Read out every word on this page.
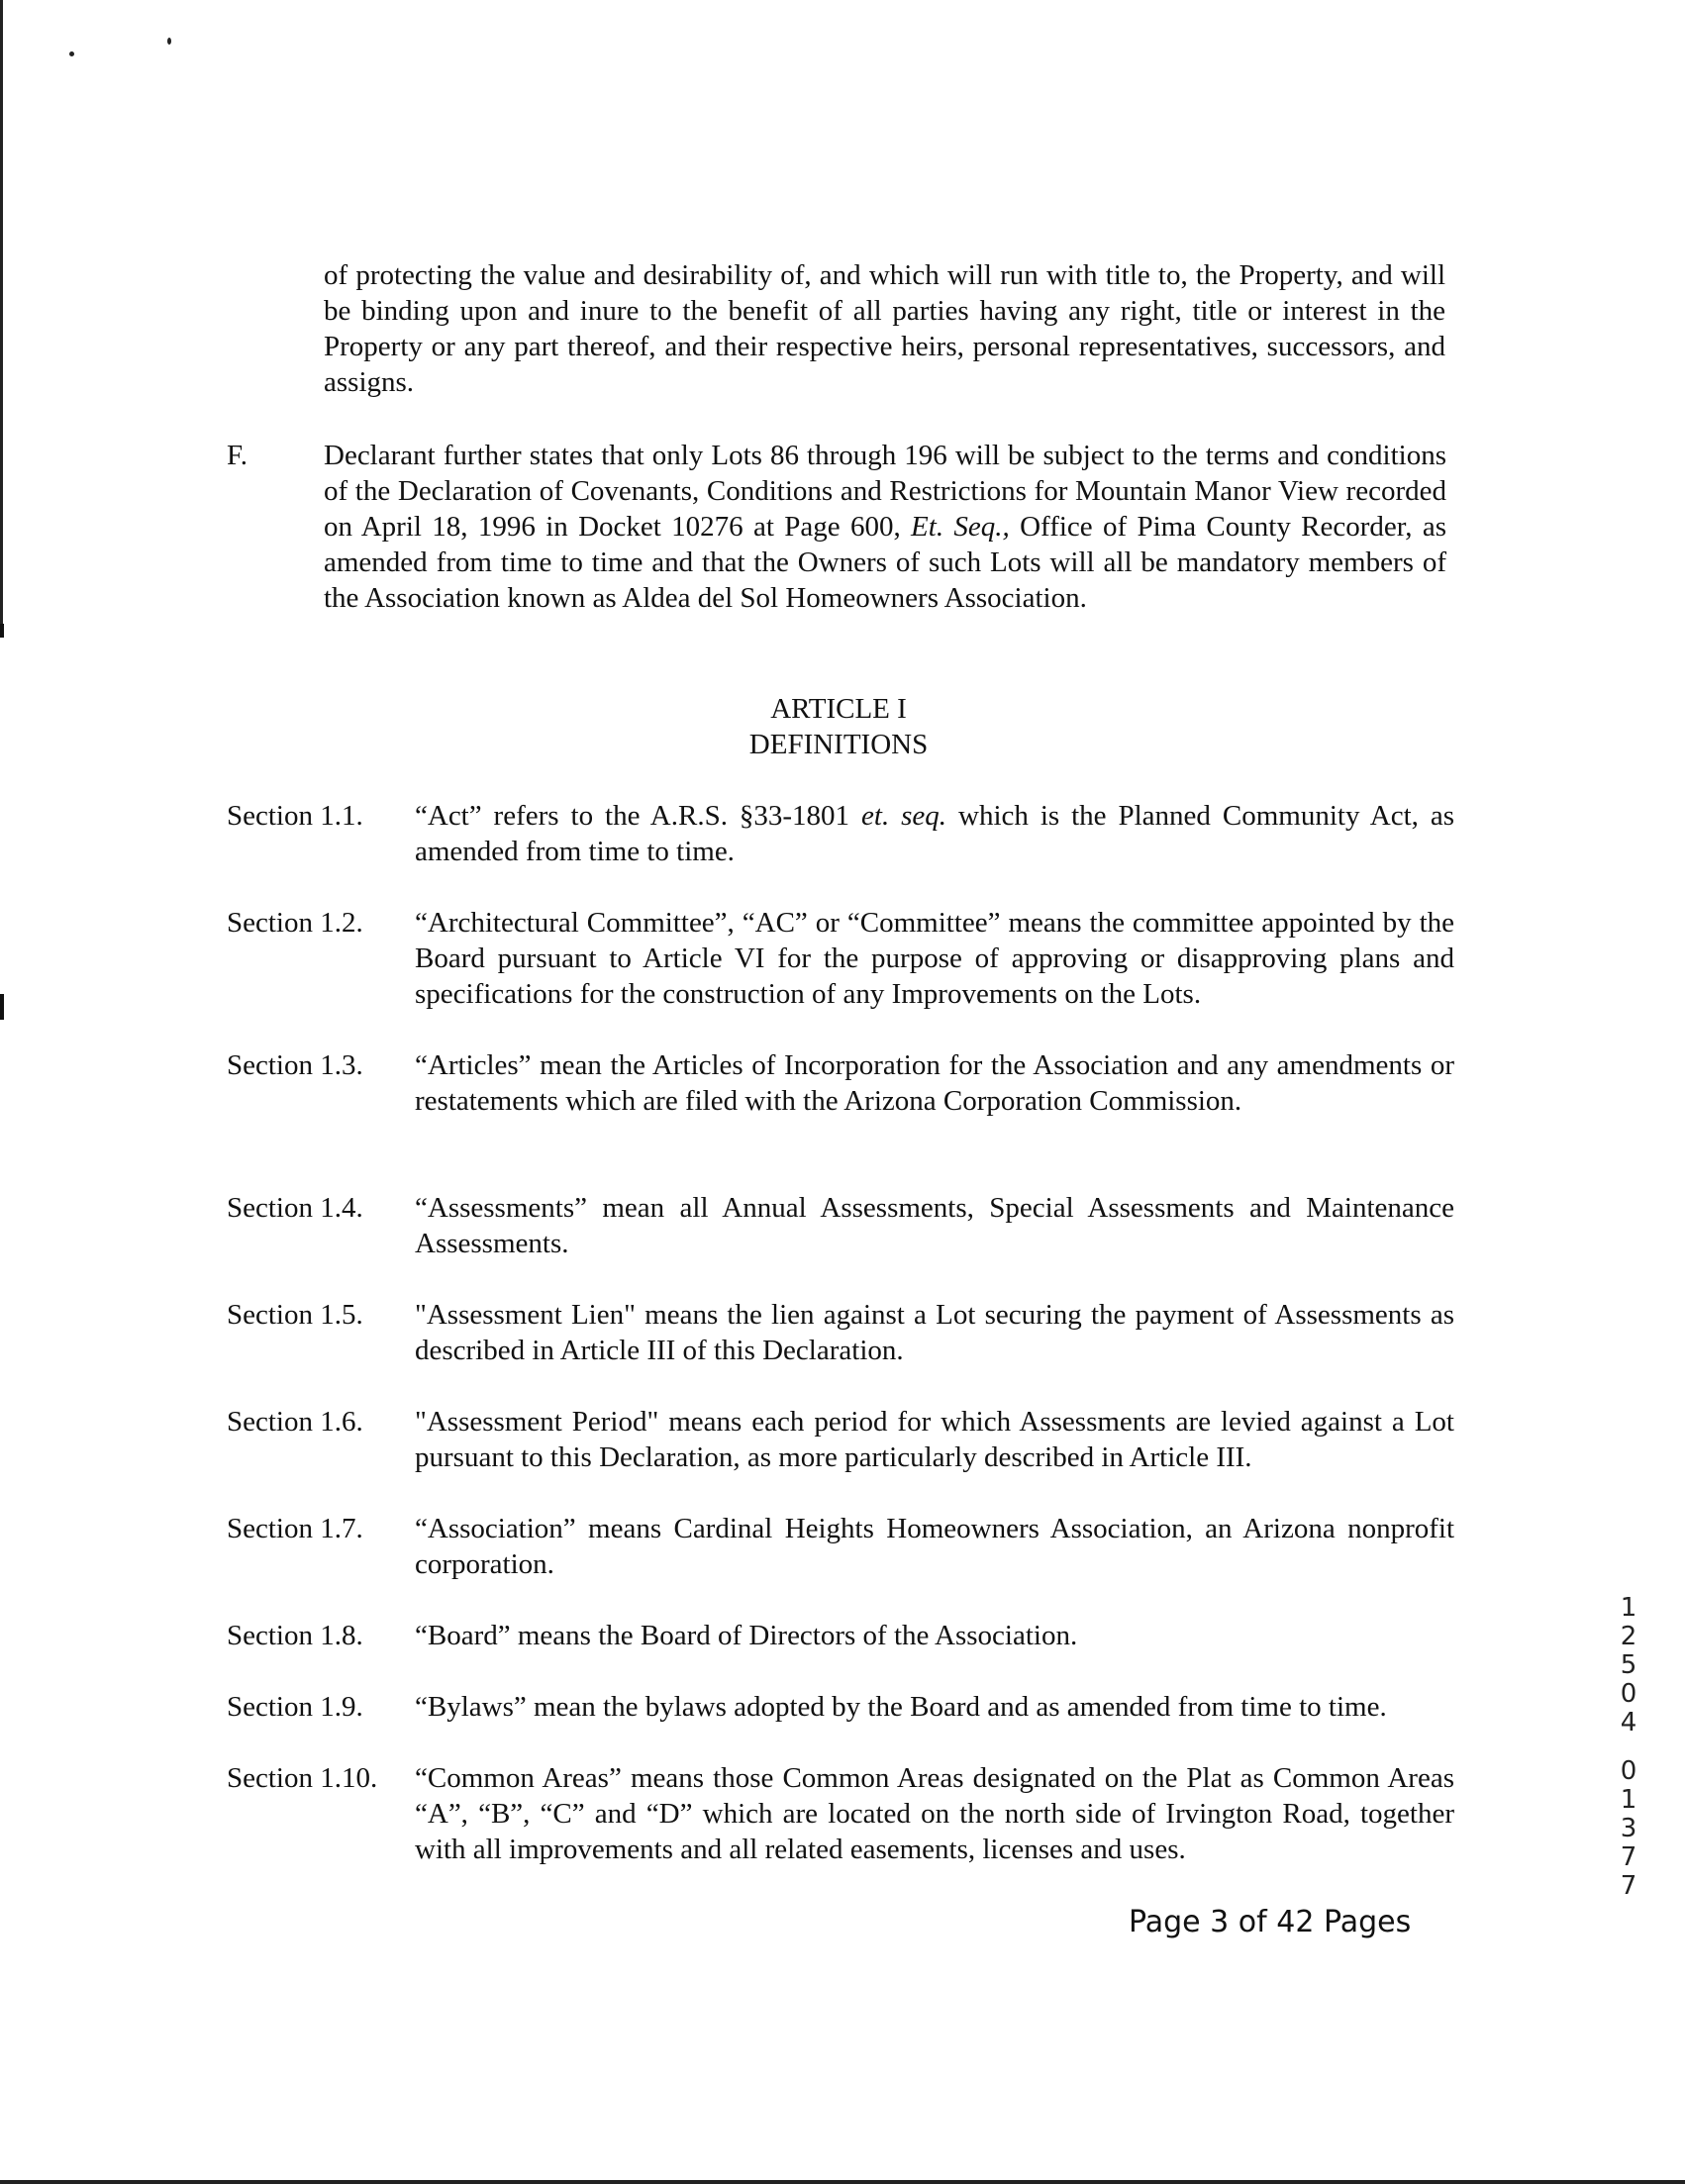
of protecting the value and desirability of, and which will run with title to, the Property, and will be binding upon and inure to the benefit of all parties having any right, title or interest in the Property or any part thereof, and their respective heirs, personal representatives, successors, and assigns.
F.	Declarant further states that only Lots 86 through 196 will be subject to the terms and conditions of the Declaration of Covenants, Conditions and Restrictions for Mountain Manor View recorded on April 18, 1996 in Docket 10276 at Page 600, Et. Seq., Office of Pima County Recorder, as amended from time to time and that the Owners of such Lots will all be mandatory members of the Association known as Aldea del Sol Homeowners Association.
ARTICLE I
DEFINITIONS
Section 1.1. “Act” refers to the A.R.S. §33-1801 et. seq. which is the Planned Community Act, as amended from time to time.
Section 1.2. “Architectural Committee”, “AC” or “Committee” means the committee appointed by the Board pursuant to Article VI for the purpose of approving or disapproving plans and specifications for the construction of any Improvements on the Lots.
Section 1.3. “Articles” mean the Articles of Incorporation for the Association and any amendments or restatements which are filed with the Arizona Corporation Commission.
Section 1.4. “Assessments” mean all Annual Assessments, Special Assessments and Maintenance Assessments.
Section 1.5. "Assessment Lien" means the lien against a Lot securing the payment of Assessments as described in Article III of this Declaration.
Section 1.6. "Assessment Period" means each period for which Assessments are levied against a Lot pursuant to this Declaration, as more particularly described in Article III.
Section 1.7. “Association” means Cardinal Heights Homeowners Association, an Arizona nonprofit corporation.
Section 1.8. “Board” means the Board of Directors of the Association.
Section 1.9. “Bylaws” mean the bylaws adopted by the Board and as amended from time to time.
Section 1.10. “Common Areas” means those Common Areas designated on the Plat as Common Areas “A”, “B”, “C” and “D” which are located on the north side of Irvington Road, together with all improvements and all related easements, licenses and uses.
Page 3 of 42 Pages
1
2
5
0
4
0
1
3
7
7
